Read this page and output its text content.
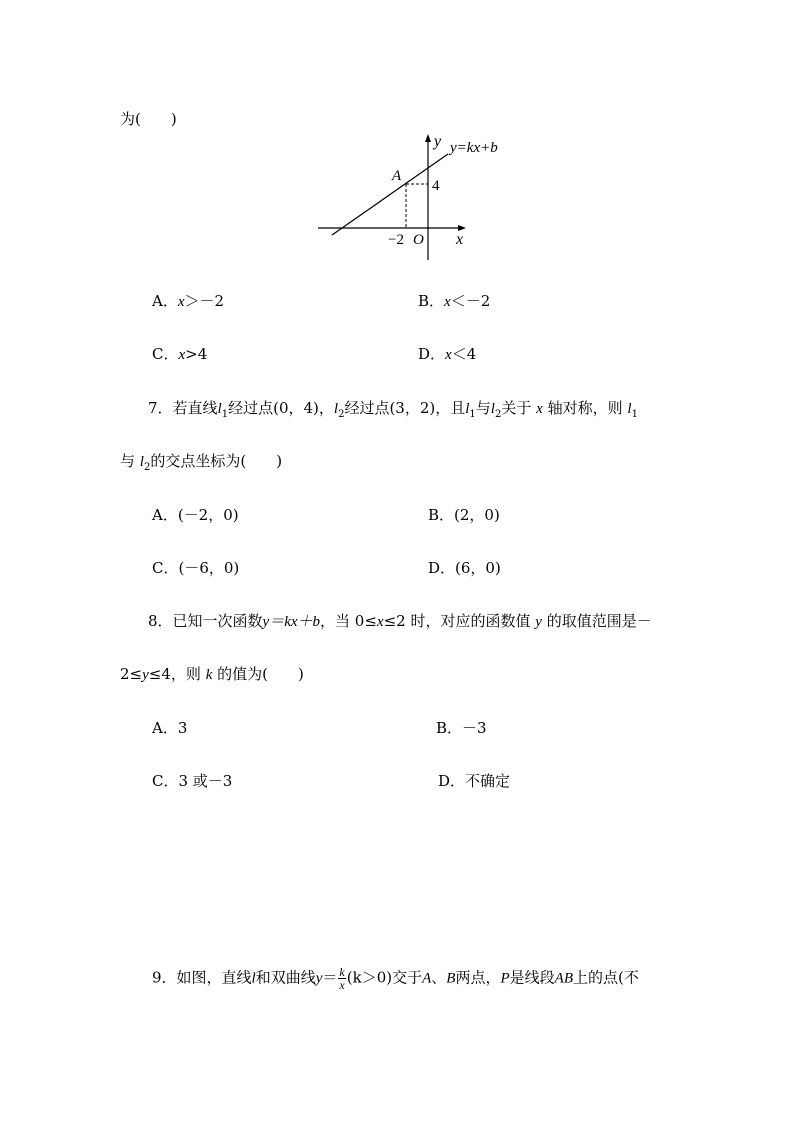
为(　　)
y y=kx+b
A
4
−2 O x
A．x＞－2	B．x＜－2
C．x>4	D．x＜4
7．若直线$l_1$经过点(0，4)，$l_2$经过点(3，2)，且$l_1$与$l_2$关于 x 轴对称，则 $l_1$
与 $l_2$的交点坐标为(　　)
A．(－2，0)	B．(2，0)
C．(－6，0)	D．(6，0)
8．已知一次函数y＝kx＋b，当 0≤x≤2 时，对应的函数值 y 的取值范围是－
2≤y≤4，则 k 的值为(　　)
A．3	B．－3
C．3 或－3	D．不确定
9．如图，直线l和双曲线$y= \frac{k}{x} (k>0)$交于A、B两点，P是线段AB上的点(不
